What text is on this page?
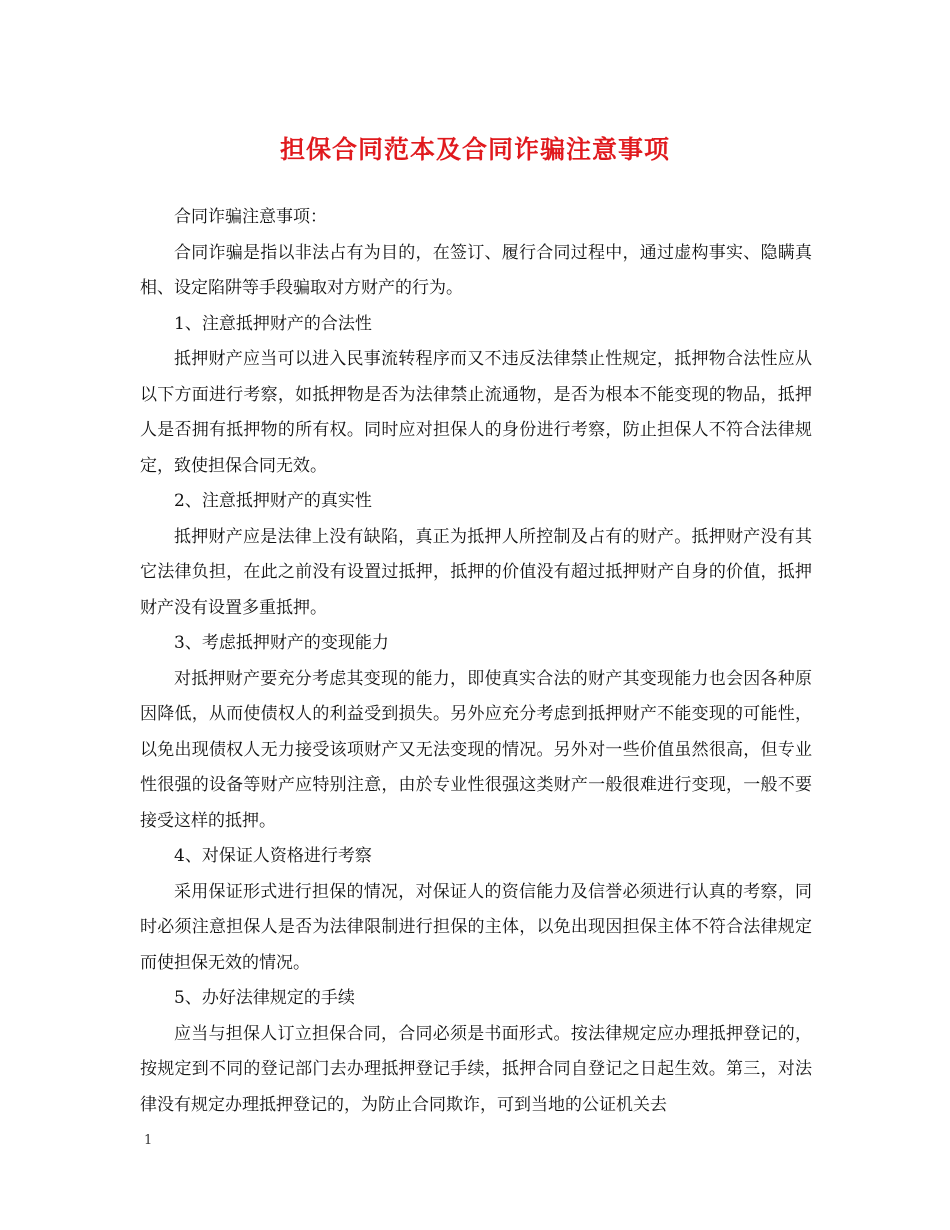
担保合同范本及合同诈骗注意事项

合同诈骗注意事项：

合同诈骗是指以非法占有为目的，在签订、履行合同过程中，通过虚构事实、隐瞒真相、设定陷阱等手段骗取对方财产的行为。

1、注意抵押财产的合法性

抵押财产应当可以进入民事流转程序而又不违反法律禁止性规定，抵押物合法性应从以下方面进行考察，如抵押物是否为法律禁止流通物，是否为根本不能变现的物品，抵押人是否拥有抵押物的所有权。同时应对担保人的身份进行考察，防止担保人不符合法律规定，致使担保合同无效。

2、注意抵押财产的真实性

抵押财产应是法律上没有缺陷，真正为抵押人所控制及占有的财产。抵押财产没有其它法律负担，在此之前没有设置过抵押，抵押的价值没有超过抵押财产自身的价值，抵押财产没有设置多重抵押。

3、考虑抵押财产的变现能力

对抵押财产要充分考虑其变现的能力，即使真实合法的财产其变现能力也会因各种原因降低，从而使债权人的利益受到损失。另外应充分考虑到抵押财产不能变现的可能性，以免出现债权人无力接受该项财产又无法变现的情况。另外对一些价值虽然很高，但专业性很强的设备等财产应特别注意，由於专业性很强这类财产一般很难进行变现，一般不要接受这样的抵押。

4、对保证人资格进行考察

采用保证形式进行担保的情况，对保证人的资信能力及信誉必须进行认真的考察，同时必须注意担保人是否为法律限制进行担保的主体，以免出现因担保主体不符合法律规定而使担保无效的情况。

5、办好法律规定的手续

应当与担保人订立担保合同，合同必须是书面形式。按法律规定应办理抵押登记的，按规定到不同的登记部门去办理抵押登记手续，抵押合同自登记之日起生效。第三，对法律没有规定办理抵押登记的，为防止合同欺诈，可到当地的公证机关去

1
